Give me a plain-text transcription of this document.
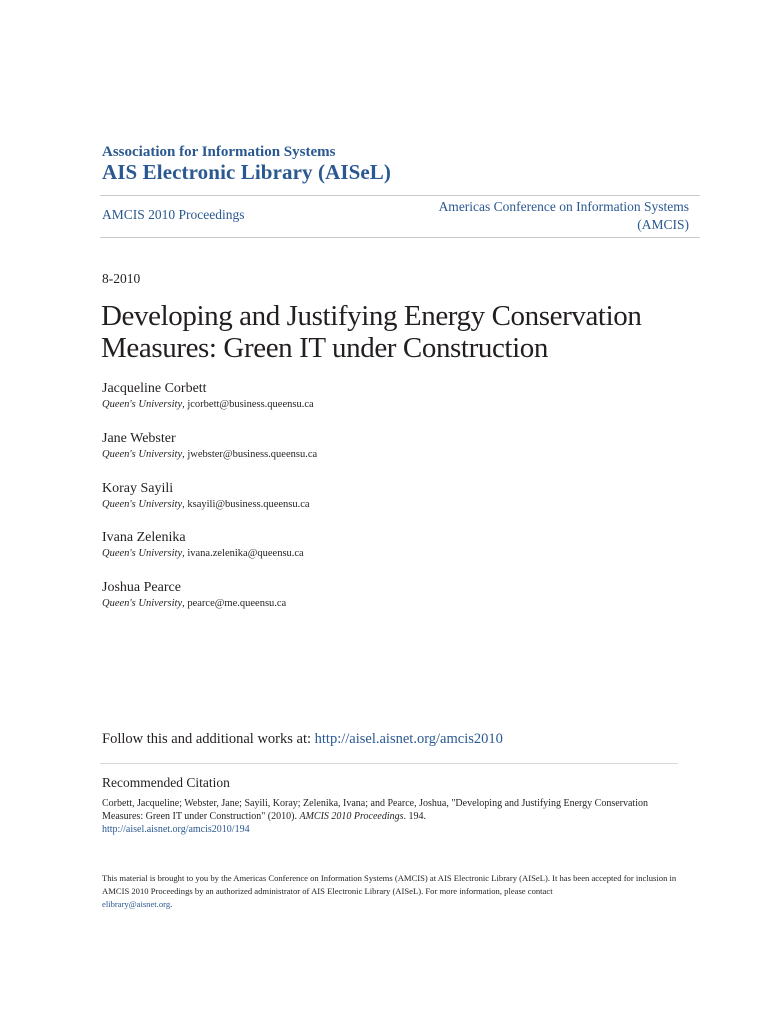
Association for Information Systems
AIS Electronic Library (AISeL)
AMCIS 2010 Proceedings
Americas Conference on Information Systems
(AMCIS)
8-2010
Developing and Justifying Energy Conservation Measures: Green IT under Construction
Jacqueline Corbett
Queen's University, jcorbett@business.queensu.ca
Jane Webster
Queen's University, jwebster@business.queensu.ca
Koray Sayili
Queen's University, ksayili@business.queensu.ca
Ivana Zelenika
Queen's University, ivana.zelenika@queensu.ca
Joshua Pearce
Queen's University, pearce@me.queensu.ca
Follow this and additional works at: http://aisel.aisnet.org/amcis2010
Recommended Citation
Corbett, Jacqueline; Webster, Jane; Sayili, Koray; Zelenika, Ivana; and Pearce, Joshua, "Developing and Justifying Energy Conservation Measures: Green IT under Construction" (2010). AMCIS 2010 Proceedings. 194.
http://aisel.aisnet.org/amcis2010/194
This material is brought to you by the Americas Conference on Information Systems (AMCIS) at AIS Electronic Library (AISeL). It has been accepted for inclusion in AMCIS 2010 Proceedings by an authorized administrator of AIS Electronic Library (AISeL). For more information, please contact
elibrary@aisnet.org.
